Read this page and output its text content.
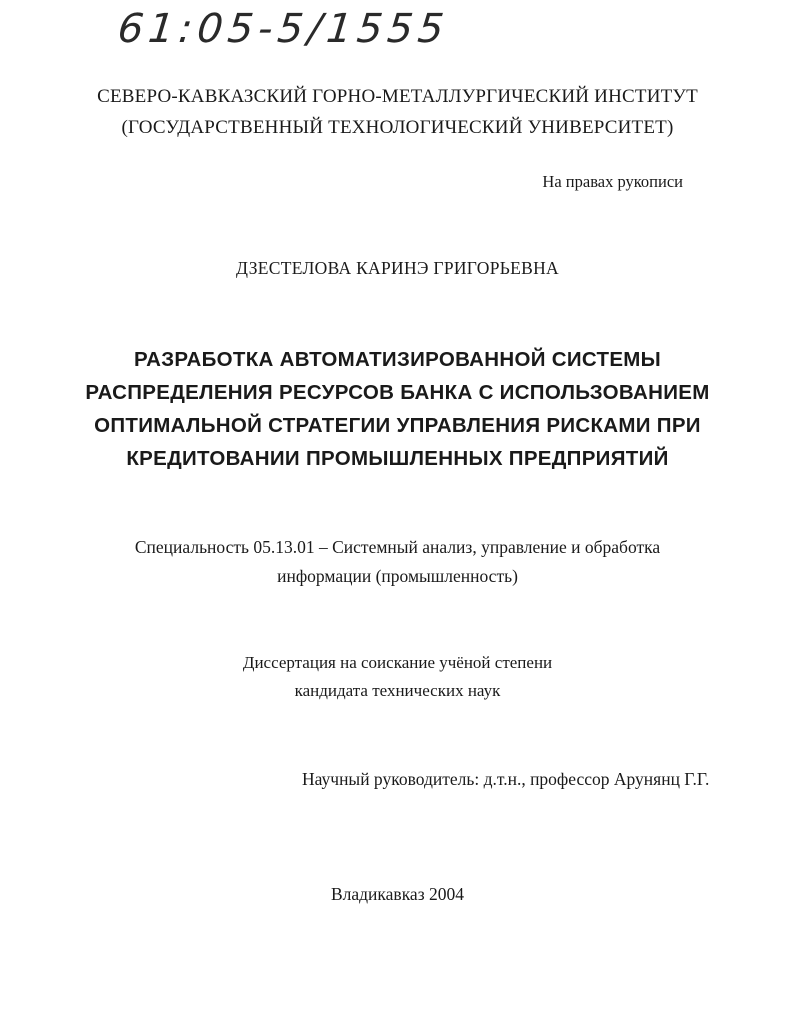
61:05-5/1555
СЕВЕРО-КАВКАЗСКИЙ ГОРНО-МЕТАЛЛУРГИЧЕСКИЙ ИНСТИТУТ
(ГОСУДАРСТВЕННЫЙ ТЕХНОЛОГИЧЕСКИЙ УНИВЕРСИТЕТ)
На правах рукописи
ДЗЕСТЕЛОВА КАРИНЭ ГРИГОРЬЕВНА
РАЗРАБОТКА АВТОМАТИЗИРОВАННОЙ СИСТЕМЫ
РАСПРЕДЕЛЕНИЯ РЕСУРСОВ БАНКА С ИСПОЛЬЗОВАНИЕМ
ОПТИМАЛЬНОЙ СТРАТЕГИИ УПРАВЛЕНИЯ РИСКАМИ ПРИ
КРЕДИТОВАНИИ ПРОМЫШЛЕННЫХ ПРЕДПРИЯТИЙ
Специальность 05.13.01 – Системный анализ, управление и обработка
информации (промышленность)
Диссертация на соискание учёной степени
кандидата технических наук
Научный руководитель: д.т.н., профессор Арунянц Г.Г.
Владикавказ 2004
